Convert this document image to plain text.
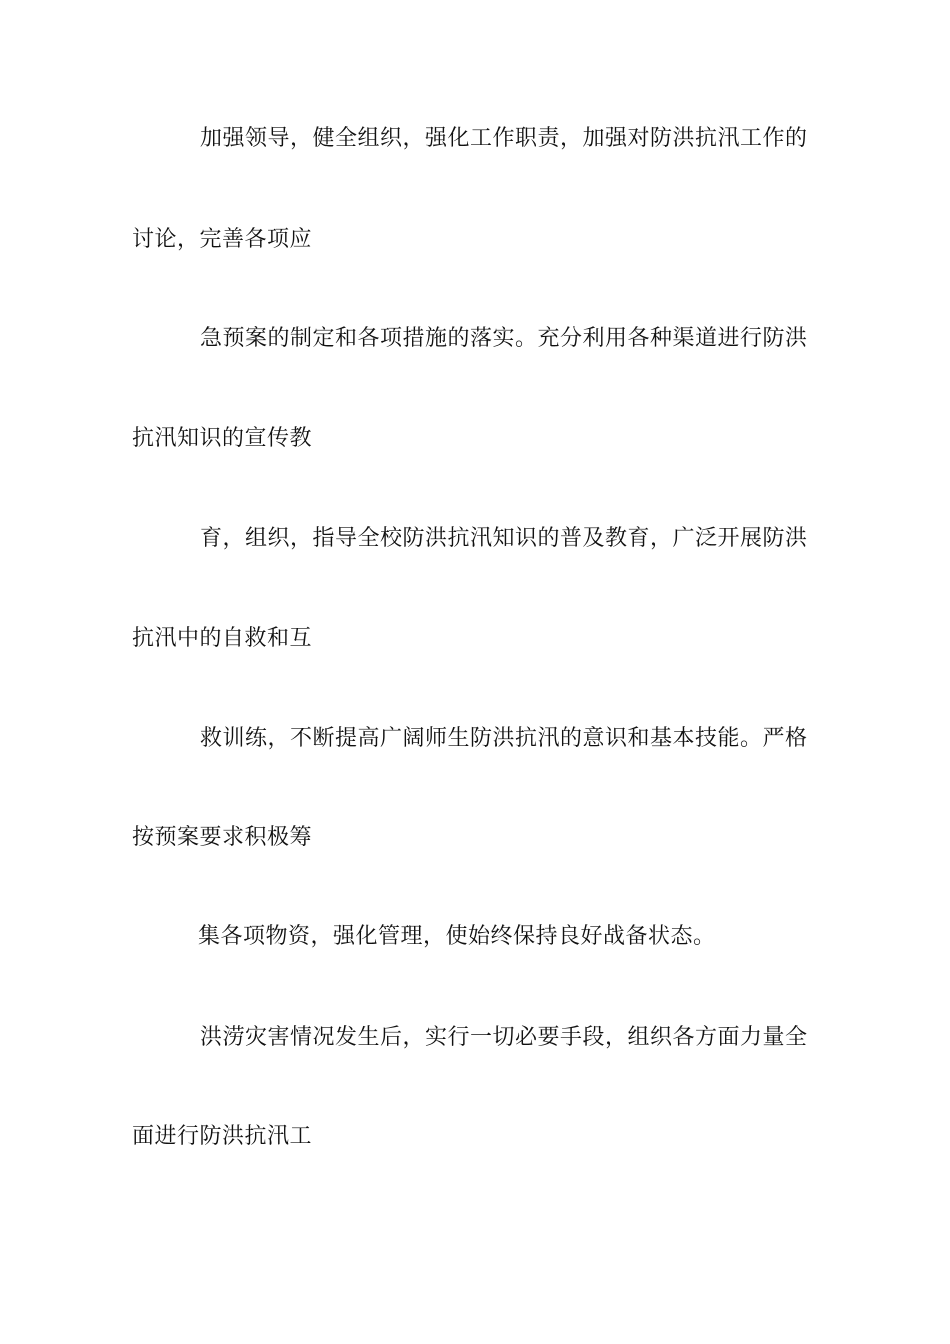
加强领导，健全组织，强化工作职责，加强对防洪抗汛工作的
讨论，完善各项应
急预案的制定和各项措施的落实。充分利用各种渠道进行防洪
抗汛知识的宣传教
育，组织，指导全校防洪抗汛知识的普及教育，广泛开展防洪
抗汛中的自救和互
救训练，不断提高广阔师生防洪抗汛的意识和基本技能。严格
按预案要求积极筹
集各项物资，强化管理，使始终保持良好战备状态。
洪涝灾害情况发生后，实行一切必要手段，组织各方面力量全
面进行防洪抗汛工
